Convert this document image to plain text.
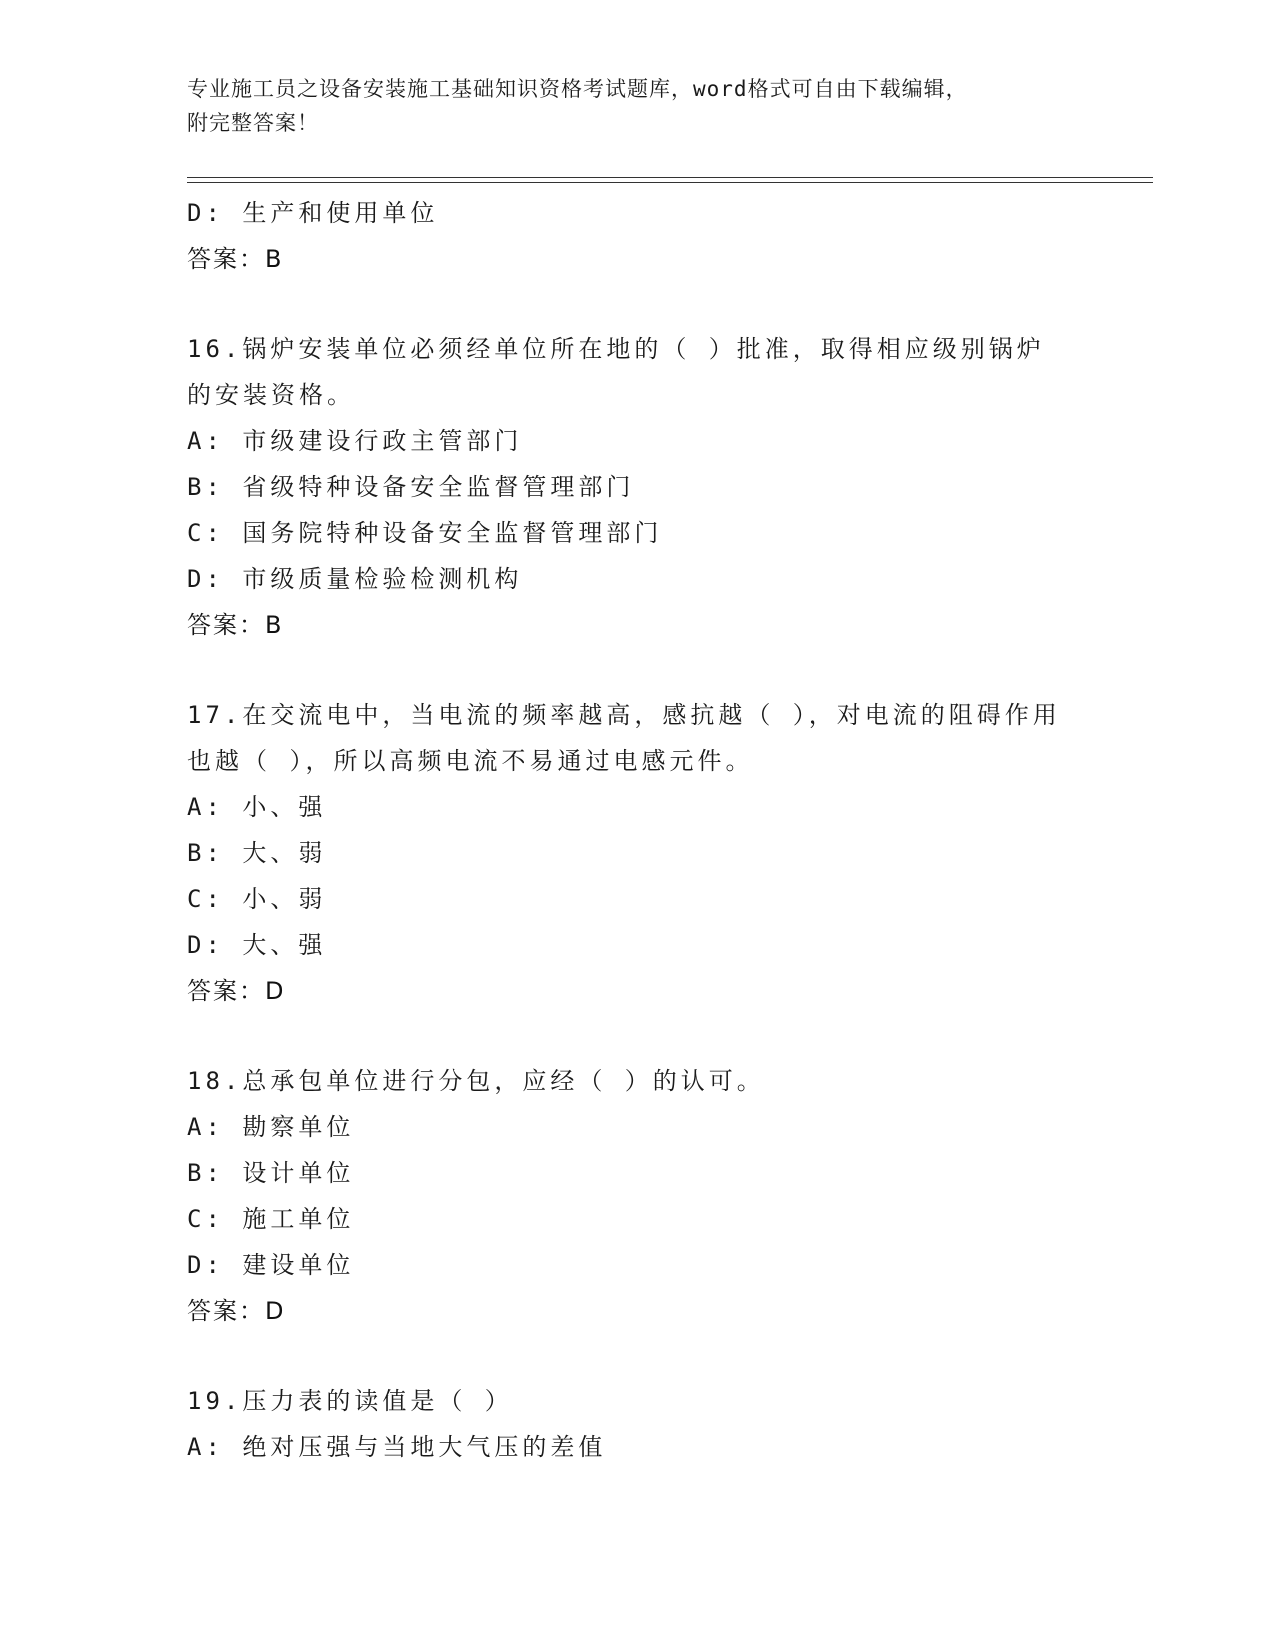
专业施工员之设备安装施工基础知识资格考试题库，word格式可自由下载编辑，
附完整答案！
D: 生产和使用单位
答案：B
16.锅炉安装单位必须经单位所在地的（ ）批准，取得相应级别锅炉的安装资格。
A: 市级建设行政主管部门
B: 省级特种设备安全监督管理部门
C: 国务院特种设备安全监督管理部门
D: 市级质量检验检测机构
答案：B
17.在交流电中，当电流的频率越高，感抗越（ ），对电流的阻碍作用也越（ ），所以高频电流不易通过电感元件。
A: 小、强
B: 大、弱
C: 小、弱
D: 大、强
答案：D
18.总承包单位进行分包，应经（ ）的认可。
A: 勘察单位
B: 设计单位
C: 施工单位
D: 建设单位
答案：D
19.压力表的读值是（ ）
A: 绝对压强与当地大气压的差值
